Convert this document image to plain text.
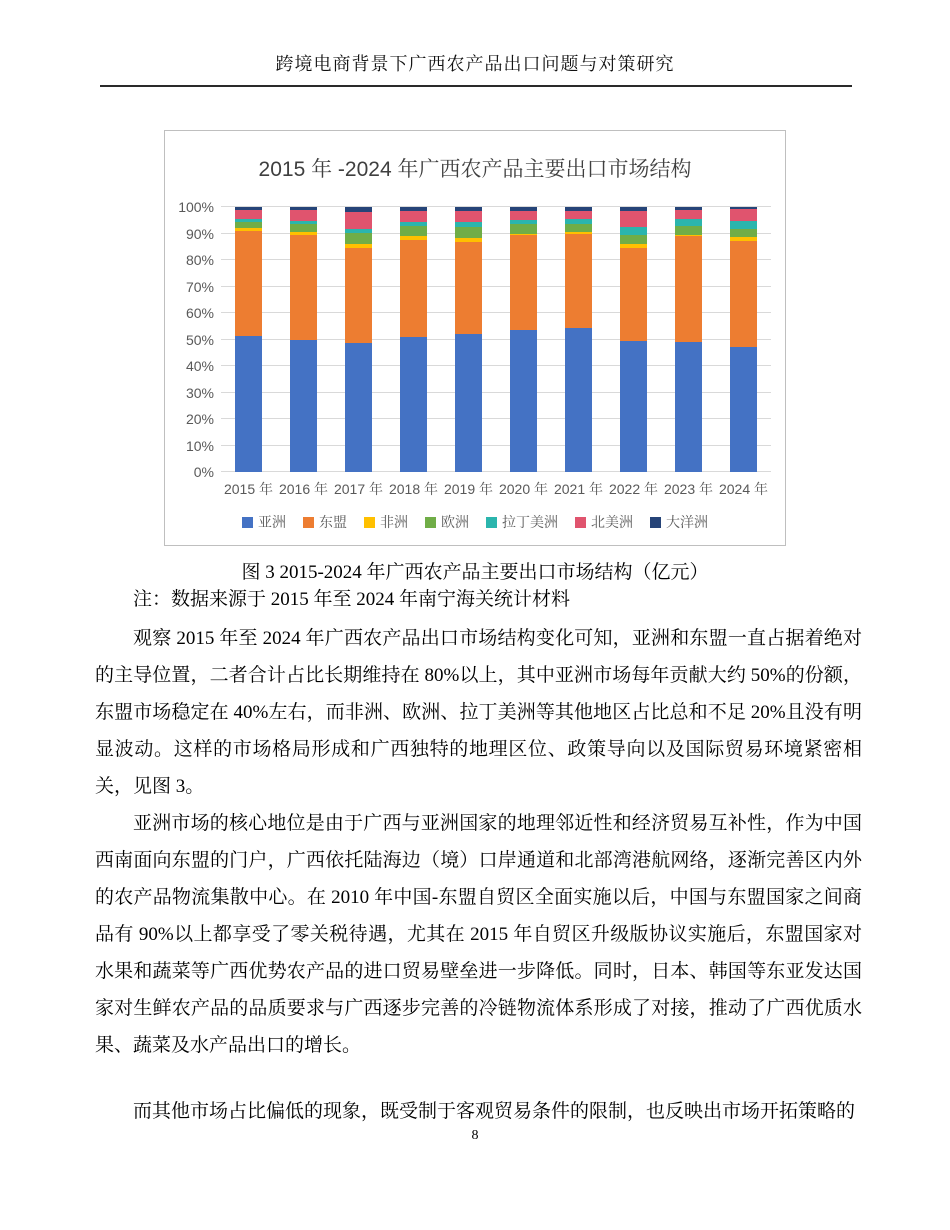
跨境电商背景下广西农产品出口问题与对策研究
2015 年 -2024 年广西农产品主要出口市场结构
0%
10%
20%
30%
40%
50%
60%
70%
80%
90%
100%
2015 年 2016 年 2017 年 2018 年 2019 年 2020 年 2021 年 2022 年 2023 年 2024 年
亚洲 东盟 非洲 欧洲 拉丁美洲 北美洲 大洋洲
图 3 2015-2024 年广西农产品主要出口市场结构（亿元）
注：数据来源于 2015 年至 2024 年南宁海关统计材料

观察 2015 年至 2024 年广西农产品出口市场结构变化可知，亚洲和东盟一直占据着绝对的主导位置，二者合计占比长期维持在 80%以上，其中亚洲市场每年贡献大约 50%的份额，东盟市场稳定在 40%左右，而非洲、欧洲、拉丁美洲等其他地区占比总和不足 20%且没有明显波动。这样的市场格局形成和广西独特的地理区位、政策导向以及国际贸易环境紧密相关，见图 3。

亚洲市场的核心地位是由于广西与亚洲国家的地理邻近性和经济贸易互补性，作为中国西南面向东盟的门户，广西依托陆海边（境）口岸通道和北部湾港航网络，逐渐完善区内外的农产品物流集散中心。在 2010 年中国-东盟自贸区全面实施以后，中国与东盟国家之间商品有 90%以上都享受了零关税待遇，尤其在 2015 年自贸区升级版协议实施后，东盟国家对水果和蔬菜等广西优势农产品的进口贸易壁垒进一步降低。同时，日本、韩国等东亚发达国家对生鲜农产品的品质要求与广西逐步完善的冷链物流体系形成了对接，推动了广西优质水果、蔬菜及水产品出口的增长。

而其他市场占比偏低的现象，既受制于客观贸易条件的限制，也反映出市场开拓策略的

8
